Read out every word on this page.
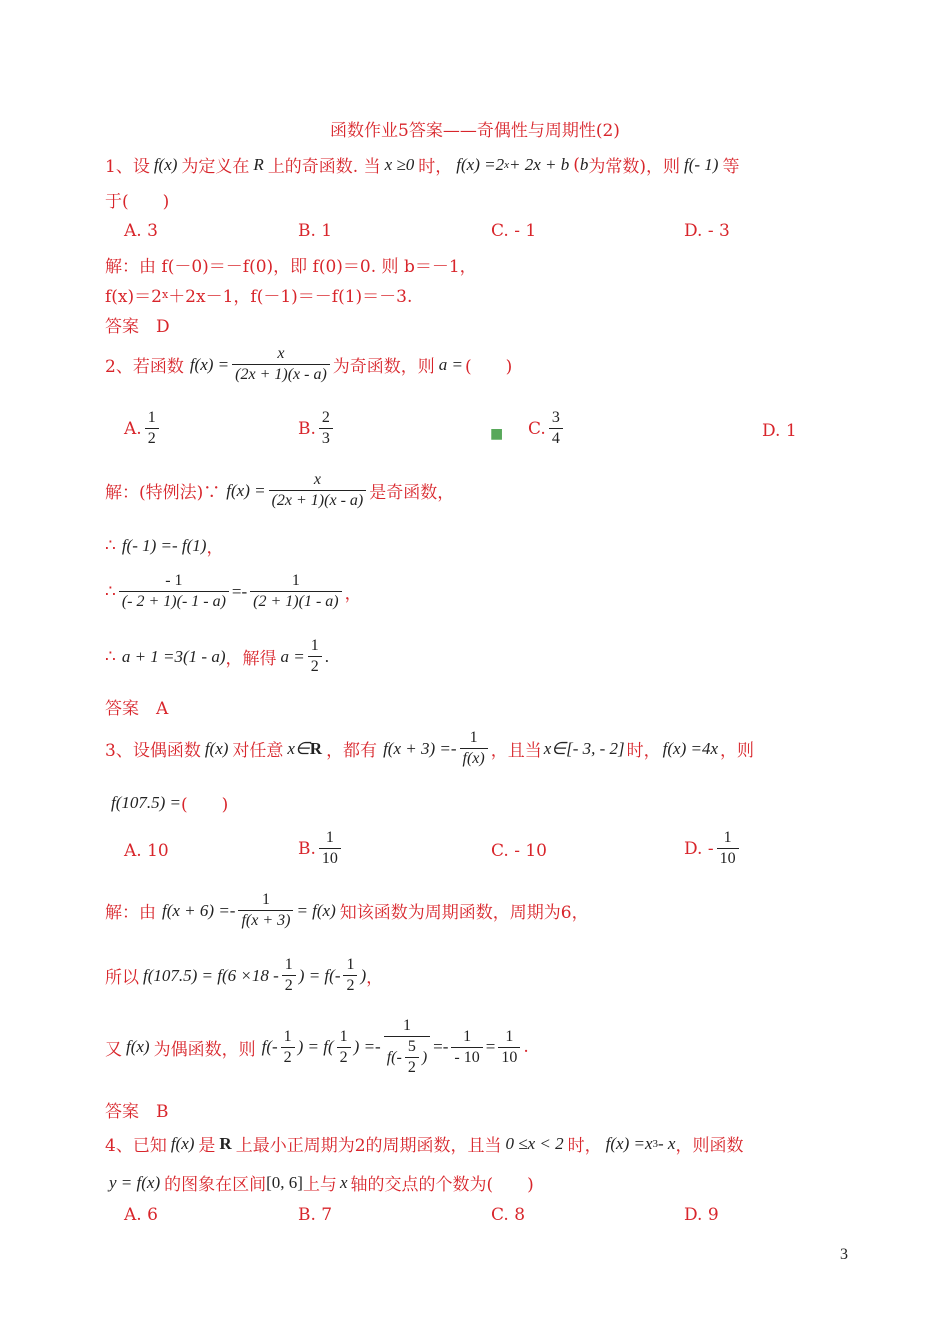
函数作业5答案——奇偶性与周期性(2)
1、设 f(x) 为定义在 R 上的奇函数. 当 x ≥0 时， f(x) =2 x + 2x + b ( b 为常数)，则 f(- 1) 等
于(　　)
A. 3	B. 1	C. - 1	D. - 3
解：由 f(－0)＝－f(0)，即 f(0)＝0. 则 b＝－1，
f(x)＝2 x ＋2x－1，f(－1)＝－f(1)＝－3.
答案　D
2、若函数 $f(x) = \frac{x}{(2x + 1)(x - a)}$ 为奇函数，则 a = (　　)
A. $\frac{1}{2}$	B. $\frac{2}{3}$	■ C. $\frac{3}{4}$	D. 1
解：(特例法)∵ $f(x) = \frac{x}{(2x + 1)(x - a)}$ 是奇函数，
∴ f(- 1) =- f(1) ，
∴ $\frac{- 1}{(- 2 + 1)(- 1 - a)} =- \frac{1}{(2 + 1)(1 - a)}$ ，
∴ a + 1 =3(1 - a) ，解得 $a = \frac{1}{2}$ .
答案　A
3、设偶函数 f(x) 对任意 x∈ R ，都有 $f(x + 3) =- \frac{1}{f(x)}$ ，且当 x∈[- 3, - 2] 时， f(x) =4x ，则
f(107.5) = (　　)
A. 10	B. $\frac{1}{10}$	C. - 10	D. - $\frac{1}{10}$
解：由 $f(x + 6) =- \frac{1}{f(x + 3)} = f(x)$ 知该函数为周期函数，周期为6，
所以 $f(107.5) = f(6 \times 18 - \frac{1}{2}$ ) = $f(- \frac{1}{2}$ ) ，
又 f(x) 为偶函数，则 $f(- \frac{1}{2}$ ) = $f( \frac{1}{2}$ ) =- $\frac{1}{f(- \frac{5}{2} )} =- \frac{1}{- 10} = \frac{1}{10}$ .
答案　B
4、已知 f(x) 是 R 上最小正周期为2的周期函数，且当 0 ≤x < 2 时， f(x) =x 3 - x ，则函数
y = f(x) 的图象在区间 [0, 6] 上与 x 轴的交点的个数为(　　)
A. 6	B. 7	C. 8	D. 9
3
